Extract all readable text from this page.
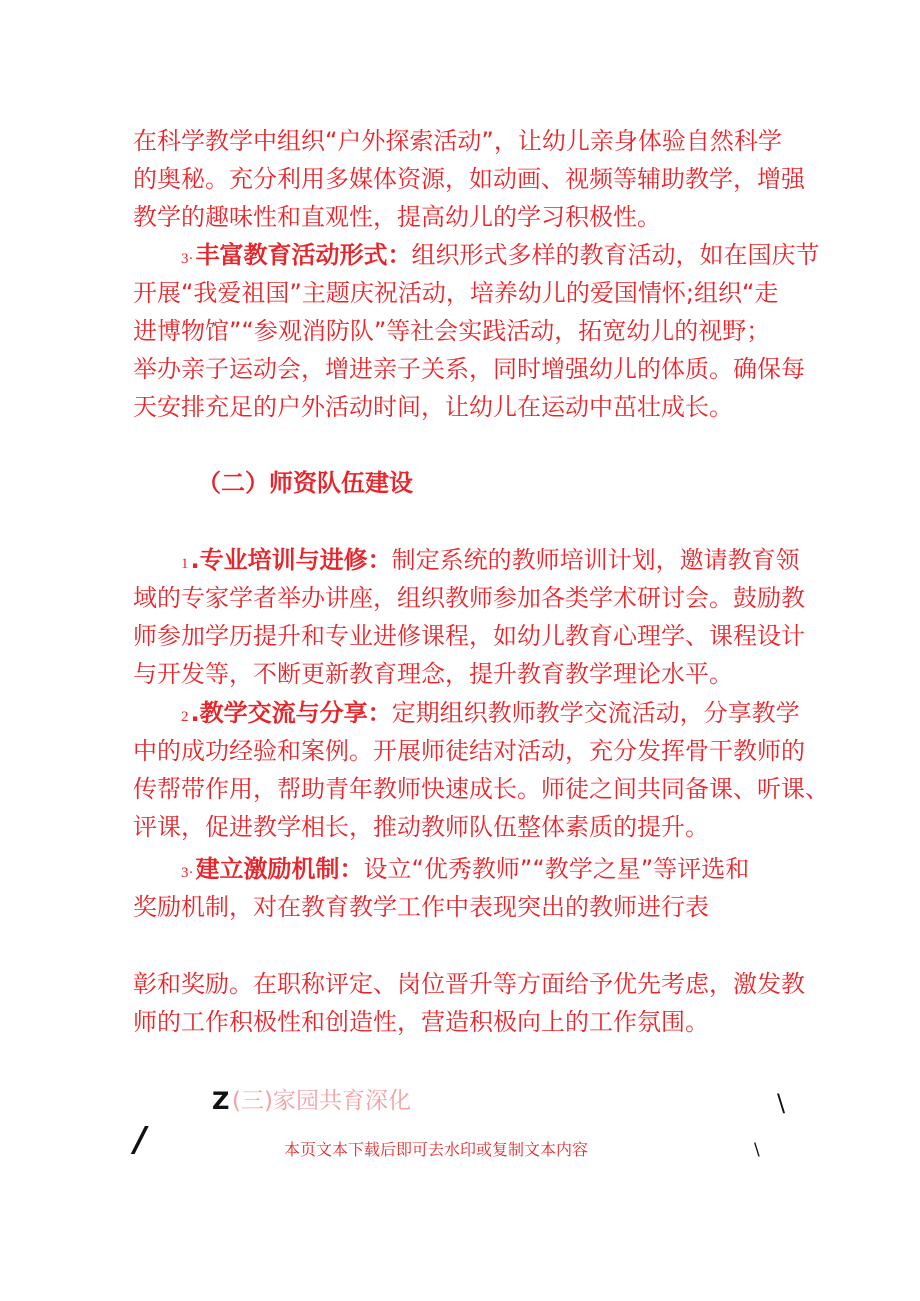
在科学教学中组织“户外探索活动”，让幼儿亲身体验自然科学
的奥秘。充分利用多媒体资源，如动画、视频等辅助教学，增强
教学的趣味性和直观性，提高幼儿的学习积极性。
3·丰富教育活动形式：组织形式多样的教育活动，如在国庆节
开展“我爱祖国”主题庆祝活动，培养幼儿的爱国情怀;组织“走
进博物馆”“参观消防队”等社会实践活动，拓宽幼儿的视野；
举办亲子运动会，增进亲子关系，同时增强幼儿的体质。确保每
天安排充足的户外活动时间，让幼儿在运动中茁壮成长。
（二）师资队伍建设
1.专业培训与进修：制定系统的教师培训计划，邀请教育领
域的专家学者举办讲座，组织教师参加各类学术研讨会。鼓励教
师参加学历提升和专业进修课程，如幼儿教育心理学、课程设计
与开发等，不断更新教育理念，提升教育教学理论水平。
2.教学交流与分享：定期组织教师教学交流活动，分享教学
中的成功经验和案例。开展师徒结对活动，充分发挥骨干教师的
传帮带作用，帮助青年教师快速成长。师徒之间共同备课、听课、
评课，促进教学相长，推动教师队伍整体素质的提升。
3·建立激励机制：设立“优秀教师”“教学之星”等评选和
奖励机制，对在教育教学工作中表现突出的教师进行表
彰和奖励。在职称评定、岗位晋升等方面给予优先考虑，激发教
师的工作积极性和创造性，营造积极向上的工作氛围。
Z (三)家园共育深化	\
/	本页文本下载后即可去水印或复制文本内容	\
